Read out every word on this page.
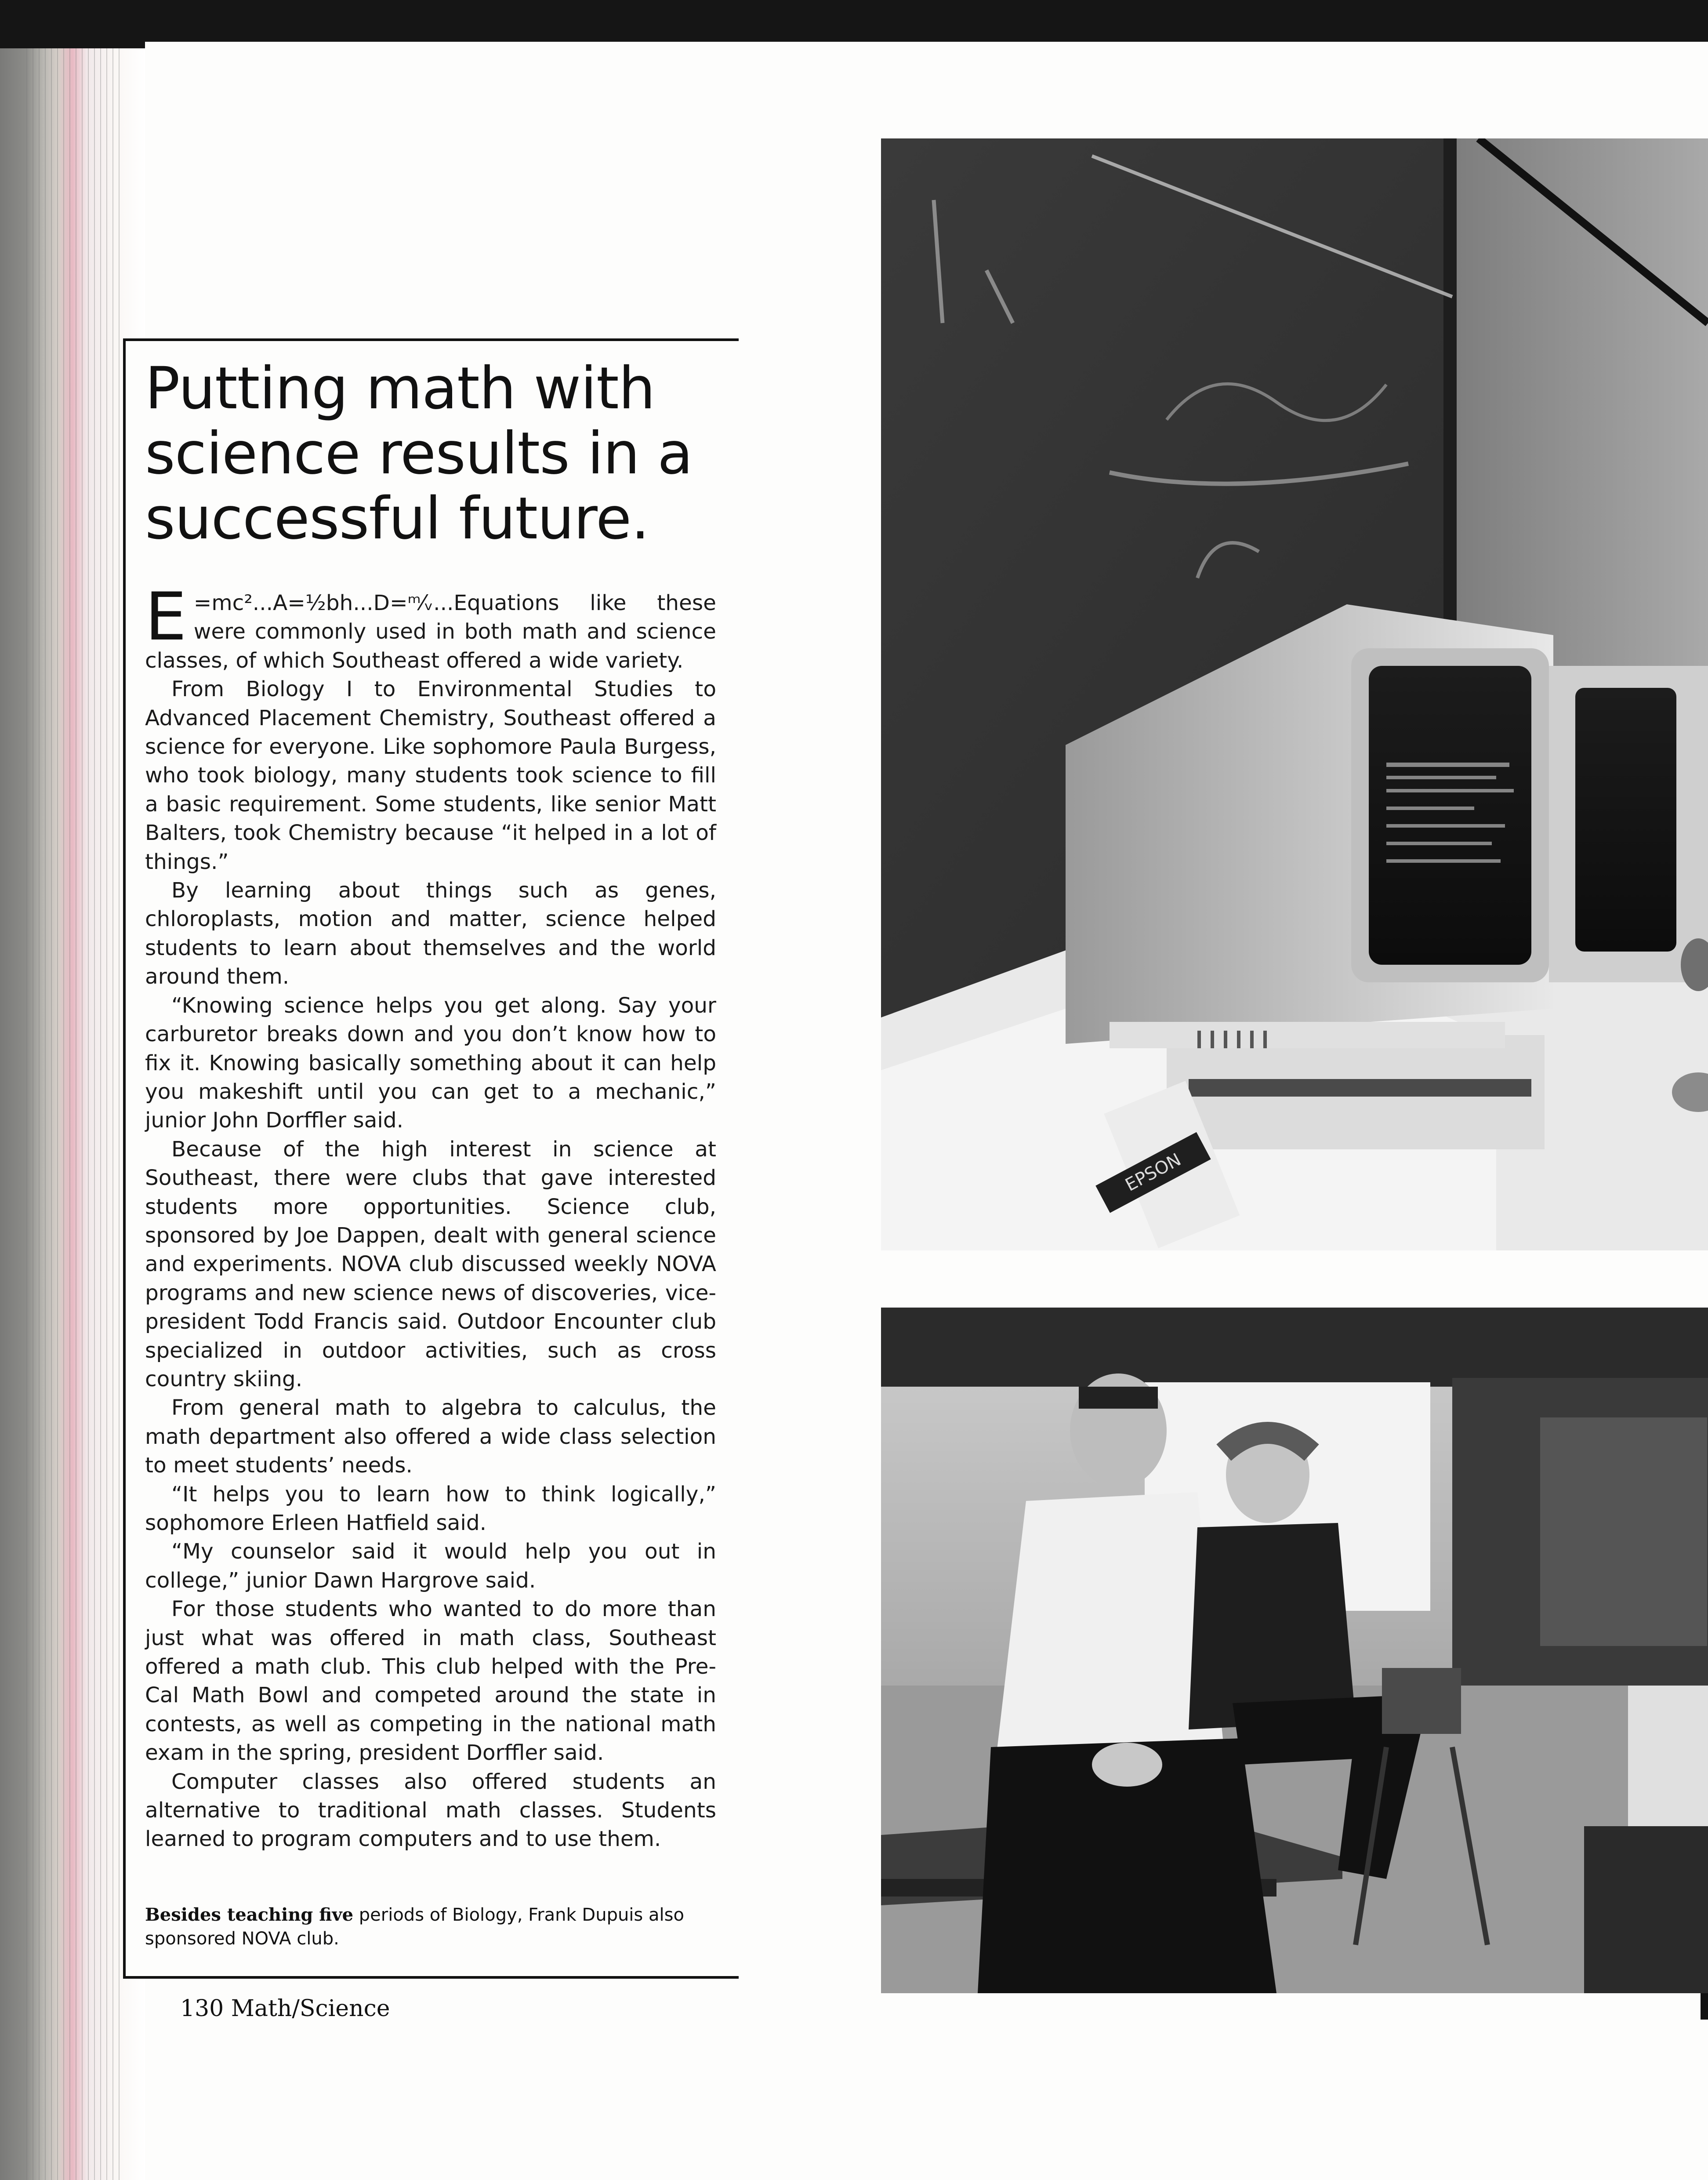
EPSON
Putting math with science results in a successful future.

E =mc²...A=½bh...D=ᵐ⁄ᵥ...Equations like these were commonly used in both math and science classes, of which Southeast offered a wide variety.

From Biology I to Environmental Studies to Advanced Placement Chemistry, Southeast offered a science for everyone. Like sophomore Paula Burgess, who took biology, many students took science to fill a basic requirement. Some students, like senior Matt Balters, took Chemistry because “it helped in a lot of things.”

By learning about things such as genes, chloroplasts, motion and matter, science helped students to learn about themselves and the world around them.

“Knowing science helps you get along. Say your carburetor breaks down and you don’t know how to fix it. Knowing basically something about it can help you makeshift until you can get to a mechanic,” junior John Dorffler said.

Because of the high interest in science at Southeast, there were clubs that gave interested students more opportunities. Science club, sponsored by Joe Dappen, dealt with general science and experiments. NOVA club discussed weekly NOVA programs and new science news of discoveries, vice-president Todd Francis said. Outdoor Encounter club specialized in outdoor activities, such as cross country skiing.

From general math to algebra to calculus, the math department also offered a wide class selection to meet students’ needs.

“It helps you to learn how to think logically,” sophomore Erleen Hatfield said.

“My counselor said it would help you out in college,” junior Dawn Hargrove said.

For those students who wanted to do more than just what was offered in math class, Southeast offered a math club. This club helped with the Pre-Cal Math Bowl and competed around the state in contests, as well as competing in the national math exam in the spring, president Dorffler said.

Computer classes also offered students an alternative to traditional math classes. Students learned to program computers and to use them.

Besides teaching five periods of Biology, Frank Dupuis also sponsored NOVA club.
130 Math/Science
